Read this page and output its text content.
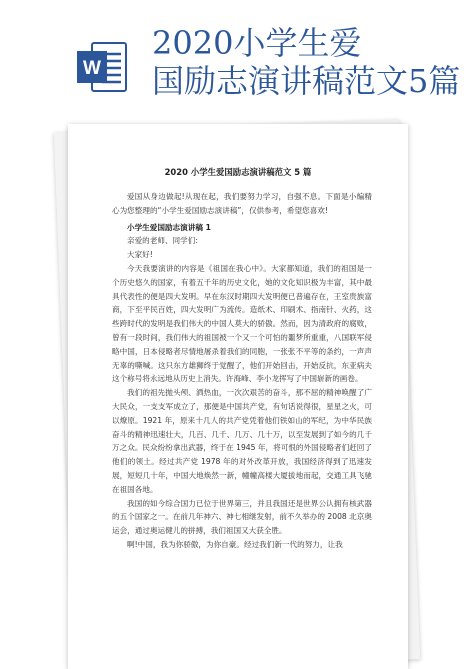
W
2020小学生爱
国励志演讲稿范文5篇
2020 小学生爱国励志演讲稿范文 5 篇

爱国从身边做起!从现在起，我们要努力学习，自强不息。下面是小编精心为您整理的“小学生爱国励志演讲稿”，仅供参考，希望您喜欢!

小学生爱国励志演讲稿 1

亲爱的老师、同学们:

大家好!

今天我要演讲的内容是《祖国在我心中》。大家都知道，我们的祖国是一个历史悠久的国家，有着五千年的历史文化，她的文化知识极为丰富，其中最具代表性的便是四大发明。早在东汉时期四大发明便已普遍存在，王室贵族富商，下至平民百姓，四大发明广为流传。造纸术、印刷术、指南针、火药，这些跨时代的发明是我们伟大的中国人莫大的骄傲。然而，因为清政府的腐败，曾有一段时间，我们伟大的祖国被一个又一个可怕的噩梦所重重，八国联军侵略中国，日本侵略者尽情地屠杀着我们的同胞，一张张不平等的条约，一声声无辜的嘶喊。这只东方雄狮终于觉醒了，他们开始回击，开始反抗，东亚病夫这个称号将永远地从历史上消失。许海峰、李小龙挥写了中国崭新的画卷。

我们的祖先抛头颅、洒热血，一次次艰苦的奋斗，那不屈的精神唤醒了广大民众，一支支军成立了，那便是中国共产党，有句话说得很，星星之火，可以燎原。1921 年，原来十几人的共产党凭着他们铁如山的军纪，为中华民族奋斗的精神迅速壮大，几百、几千、几万、几十万，以至发展到了如今的几千万之众。民众纷纷拿出武器，终于在 1945 年，将可恨的外国侵略者们赶回了他们的领土。经过共产党 1978 年的对外改革开放，我国经济得到了迅速发展，短短几十年，中国大地焕然一新，幢幢高楼大厦拔地而起，交通工具飞驰在祖国各地。

我国的如今综合国力已位于世界第三，并且我国还是世界公认拥有核武器的五个国家之一。在前几年神六、神七相继发射，前不久举办的 2008 北京奥运会，通过奥运健儿的拼搏，我们祖国又大获全胜。

啊!中国，我为你骄傲，为你自豪。经过我们新一代的努力，让我
